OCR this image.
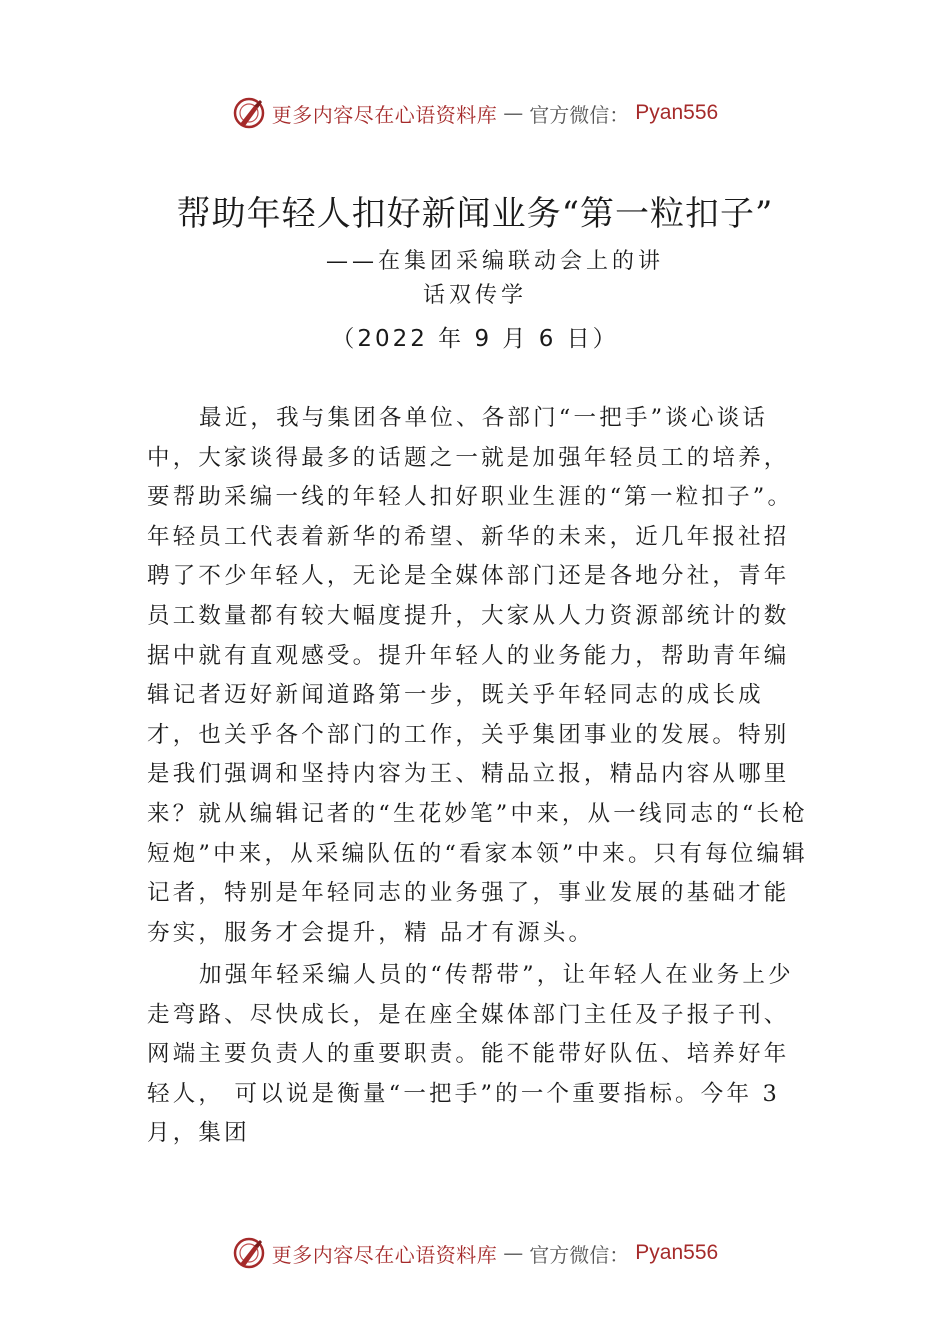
更多内容尽在心语资料库 — 官方微信： Pyan556
帮助年轻人扣好新闻业务“第一粒扣子”

——在集团采编联动会上的讲

话双传学

（2022 年 9 月 6 日）

最近，我与集团各单位、各部门“一把手”谈心谈话中，大家谈得最多的话题之一就是加强年轻员工的培养，要帮助采编一线的年轻人扣好职业生涯的“第一粒扣子”。年轻员工代表着新华的希望、新华的未来，近几年报社招聘了不少年轻人，无论是全媒体部门还是各地分社，青年员工数量都有较大幅度提升，大家从人力资源部统计的数据中就有直观感受。提升年轻人的业务能力，帮助青年编辑记者迈好新闻道路第一步，既关乎年轻同志的成长成才，也关乎各个部门的工作，关乎集团事业的发展。特别是我们强调和坚持内容为王、精品立报，精品内容从哪里来？就从编辑记者的“生花妙笔”中来，从一线同志的“长枪短炮”中来，从采编队伍的“看家本领”中来。只有每位编辑记者，特别是年轻同志的业务强了，事业发展的基础才能夯实，服务才会提升，精 品才有源头。

加强年轻采编人员的“传帮带”，让年轻人在业务上少走弯路、尽快成长，是在座全媒体部门主任及子报子刊、网端主要负责人的重要职责。能不能带好队伍、培养好年轻人， 可以说是衡量“一把手”的一个重要指标。今年 3 月，集团

更多内容尽在心语资料库 — 官方微信： Pyan556
